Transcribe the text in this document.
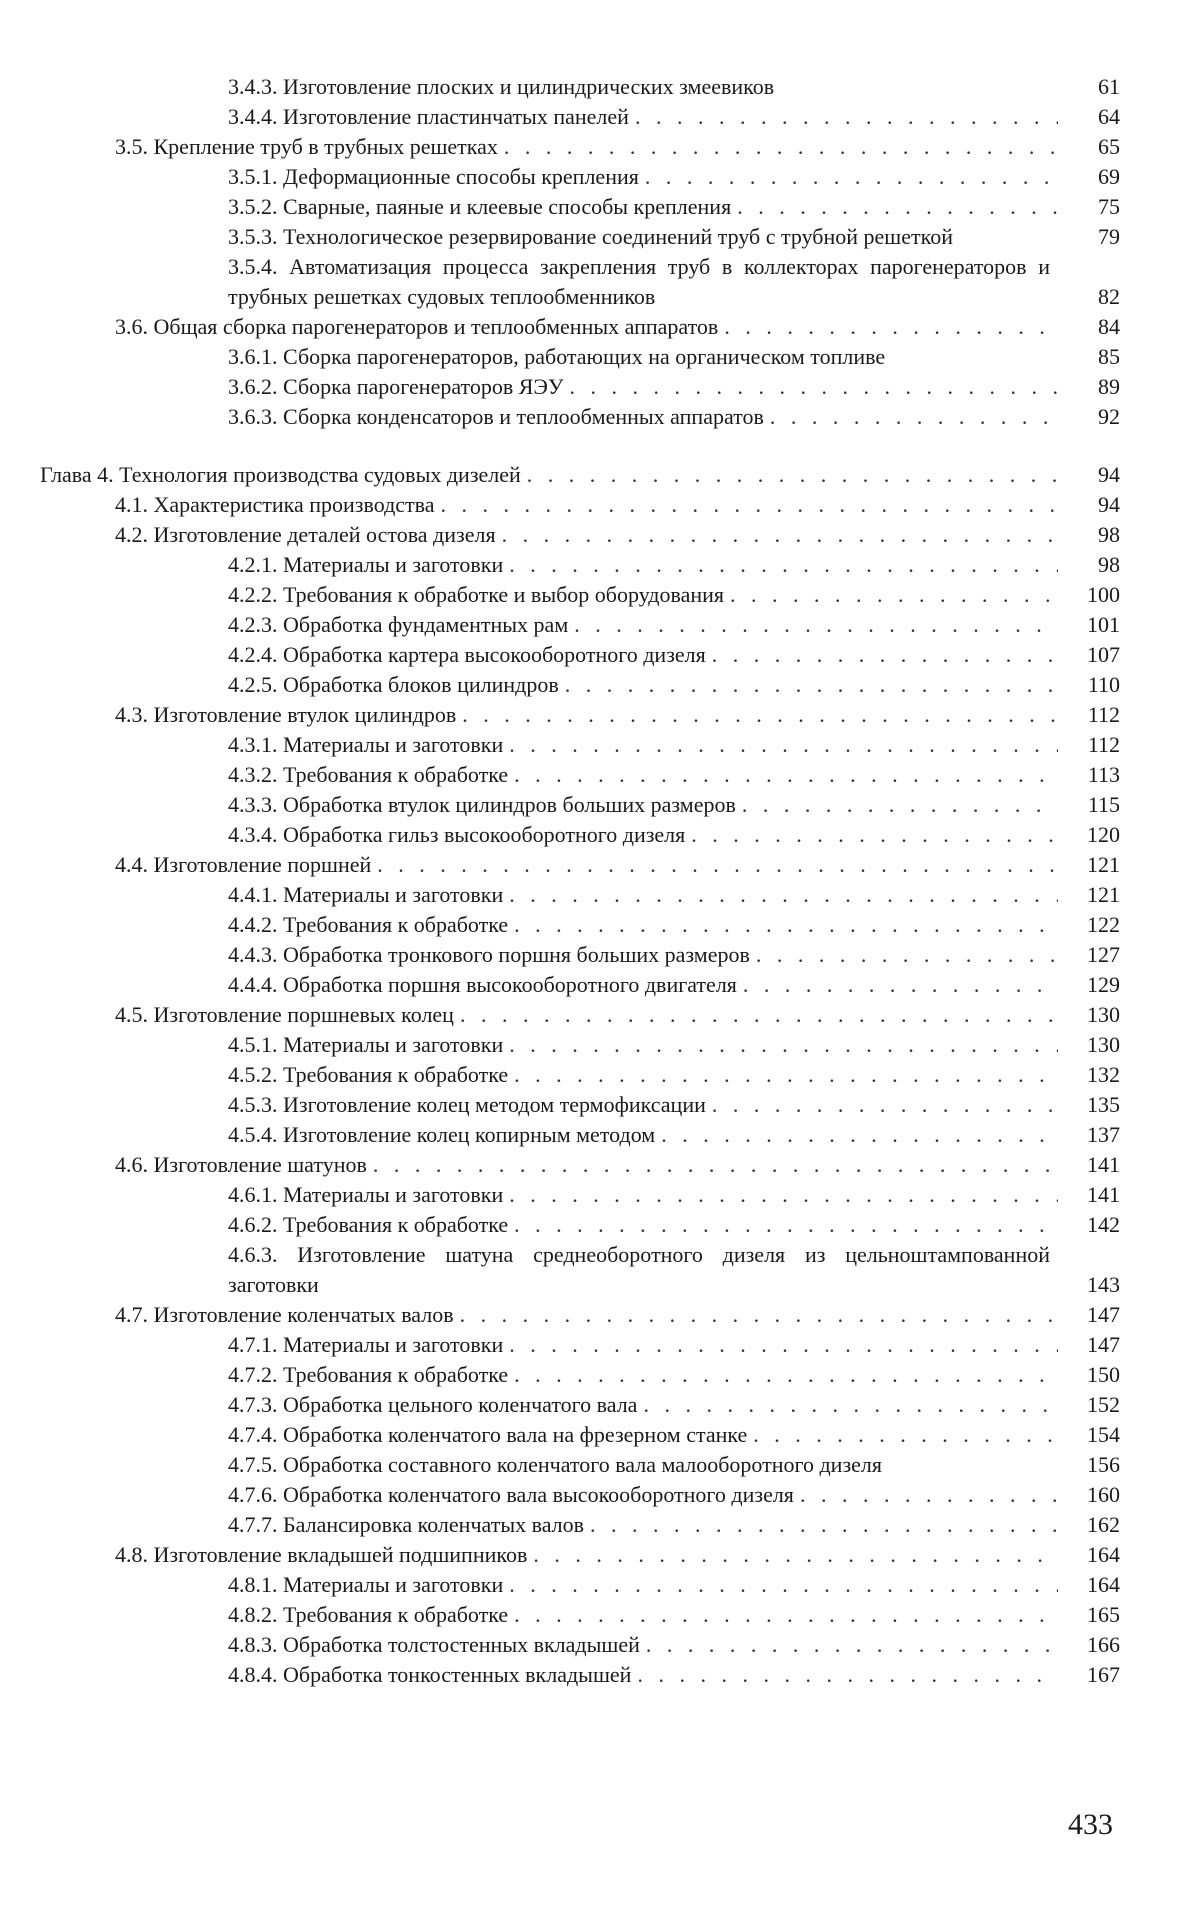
3.4.3. Изготовление плоских и цилиндрических змеевиков	61
3.4.4. Изготовление пластинчатых панелей . . .	64
3.5. Крепление труб в трубных решетках . . .	65
3.5.1. Деформационные способы крепления . . .	69
3.5.2. Сварные, паяные и клеевые способы крепления . . .	75
3.5.3. Технологическое резервирование соединений труб с трубной решеткой	79
3.5.4. Автоматизация процесса закрепления труб в коллекторах парогенераторов и трубных решетках судовых теплообменников	82
3.6. Общая сборка парогенераторов и теплообменных аппаратов . . .	84
3.6.1. Сборка парогенераторов, работающих на органическом топливе	85
3.6.2. Сборка парогенераторов ЯЭУ . . .	89
3.6.3. Сборка конденсаторов и теплообменных аппаратов . . .	92
Глава 4. Технология производства судовых дизелей . . .	94
4.1. Характеристика производства . . .	94
4.2. Изготовление деталей остова дизеля . . .	98
4.2.1. Материалы и заготовки . . .	98
4.2.2. Требования к обработке и выбор оборудования . . .	100
4.2.3. Обработка фундаментных рам . . .	101
4.2.4. Обработка картера высокооборотного дизеля . . .	107
4.2.5. Обработка блоков цилиндров . . .	110
4.3. Изготовление втулок цилиндров . . .	112
4.3.1. Материалы и заготовки . . .	112
4.3.2. Требования к обработке . . .	113
4.3.3. Обработка втулок цилиндров больших размеров . . .	115
4.3.4. Обработка гильз высокооборотного дизеля . . .	120
4.4. Изготовление поршней . . .	121
4.4.1. Материалы и заготовки . . .	121
4.4.2. Требования к обработке . . .	122
4.4.3. Обработка тронкового поршня больших размеров . . .	127
4.4.4. Обработка поршня высокооборотного двигателя . . .	129
4.5. Изготовление поршневых колец . . .	130
4.5.1. Материалы и заготовки . . .	130
4.5.2. Требования к обработке . . .	132
4.5.3. Изготовление колец методом термофиксации . . .	135
4.5.4. Изготовление колец копирным методом . . .	137
4.6. Изготовление шатунов . . .	141
4.6.1. Материалы и заготовки . . .	141
4.6.2. Требования к обработке . . .	142
4.6.3. Изготовление шатуна среднеоборотного дизеля из цельноштампованной заготовки	143
4.7. Изготовление коленчатых валов . . .	147
4.7.1. Материалы и заготовки . . .	147
4.7.2. Требования к обработке . . .	150
4.7.3. Обработка цельного коленчатого вала . . .	152
4.7.4. Обработка коленчатого вала на фрезерном станке . . .	154
4.7.5. Обработка составного коленчатого вала малооборотного дизеля	156
4.7.6. Обработка коленчатого вала высокооборотного дизеля . . .	160
4.7.7. Балансировка коленчатых валов . . .	162
4.8. Изготовление вкладышей подшипников . . .	164
4.8.1. Материалы и заготовки . . .	164
4.8.2. Требования к обработке . . .	165
4.8.3. Обработка толстостенных вкладышей . . .	166
4.8.4. Обработка тонкостенных вкладышей . . .	167
433
